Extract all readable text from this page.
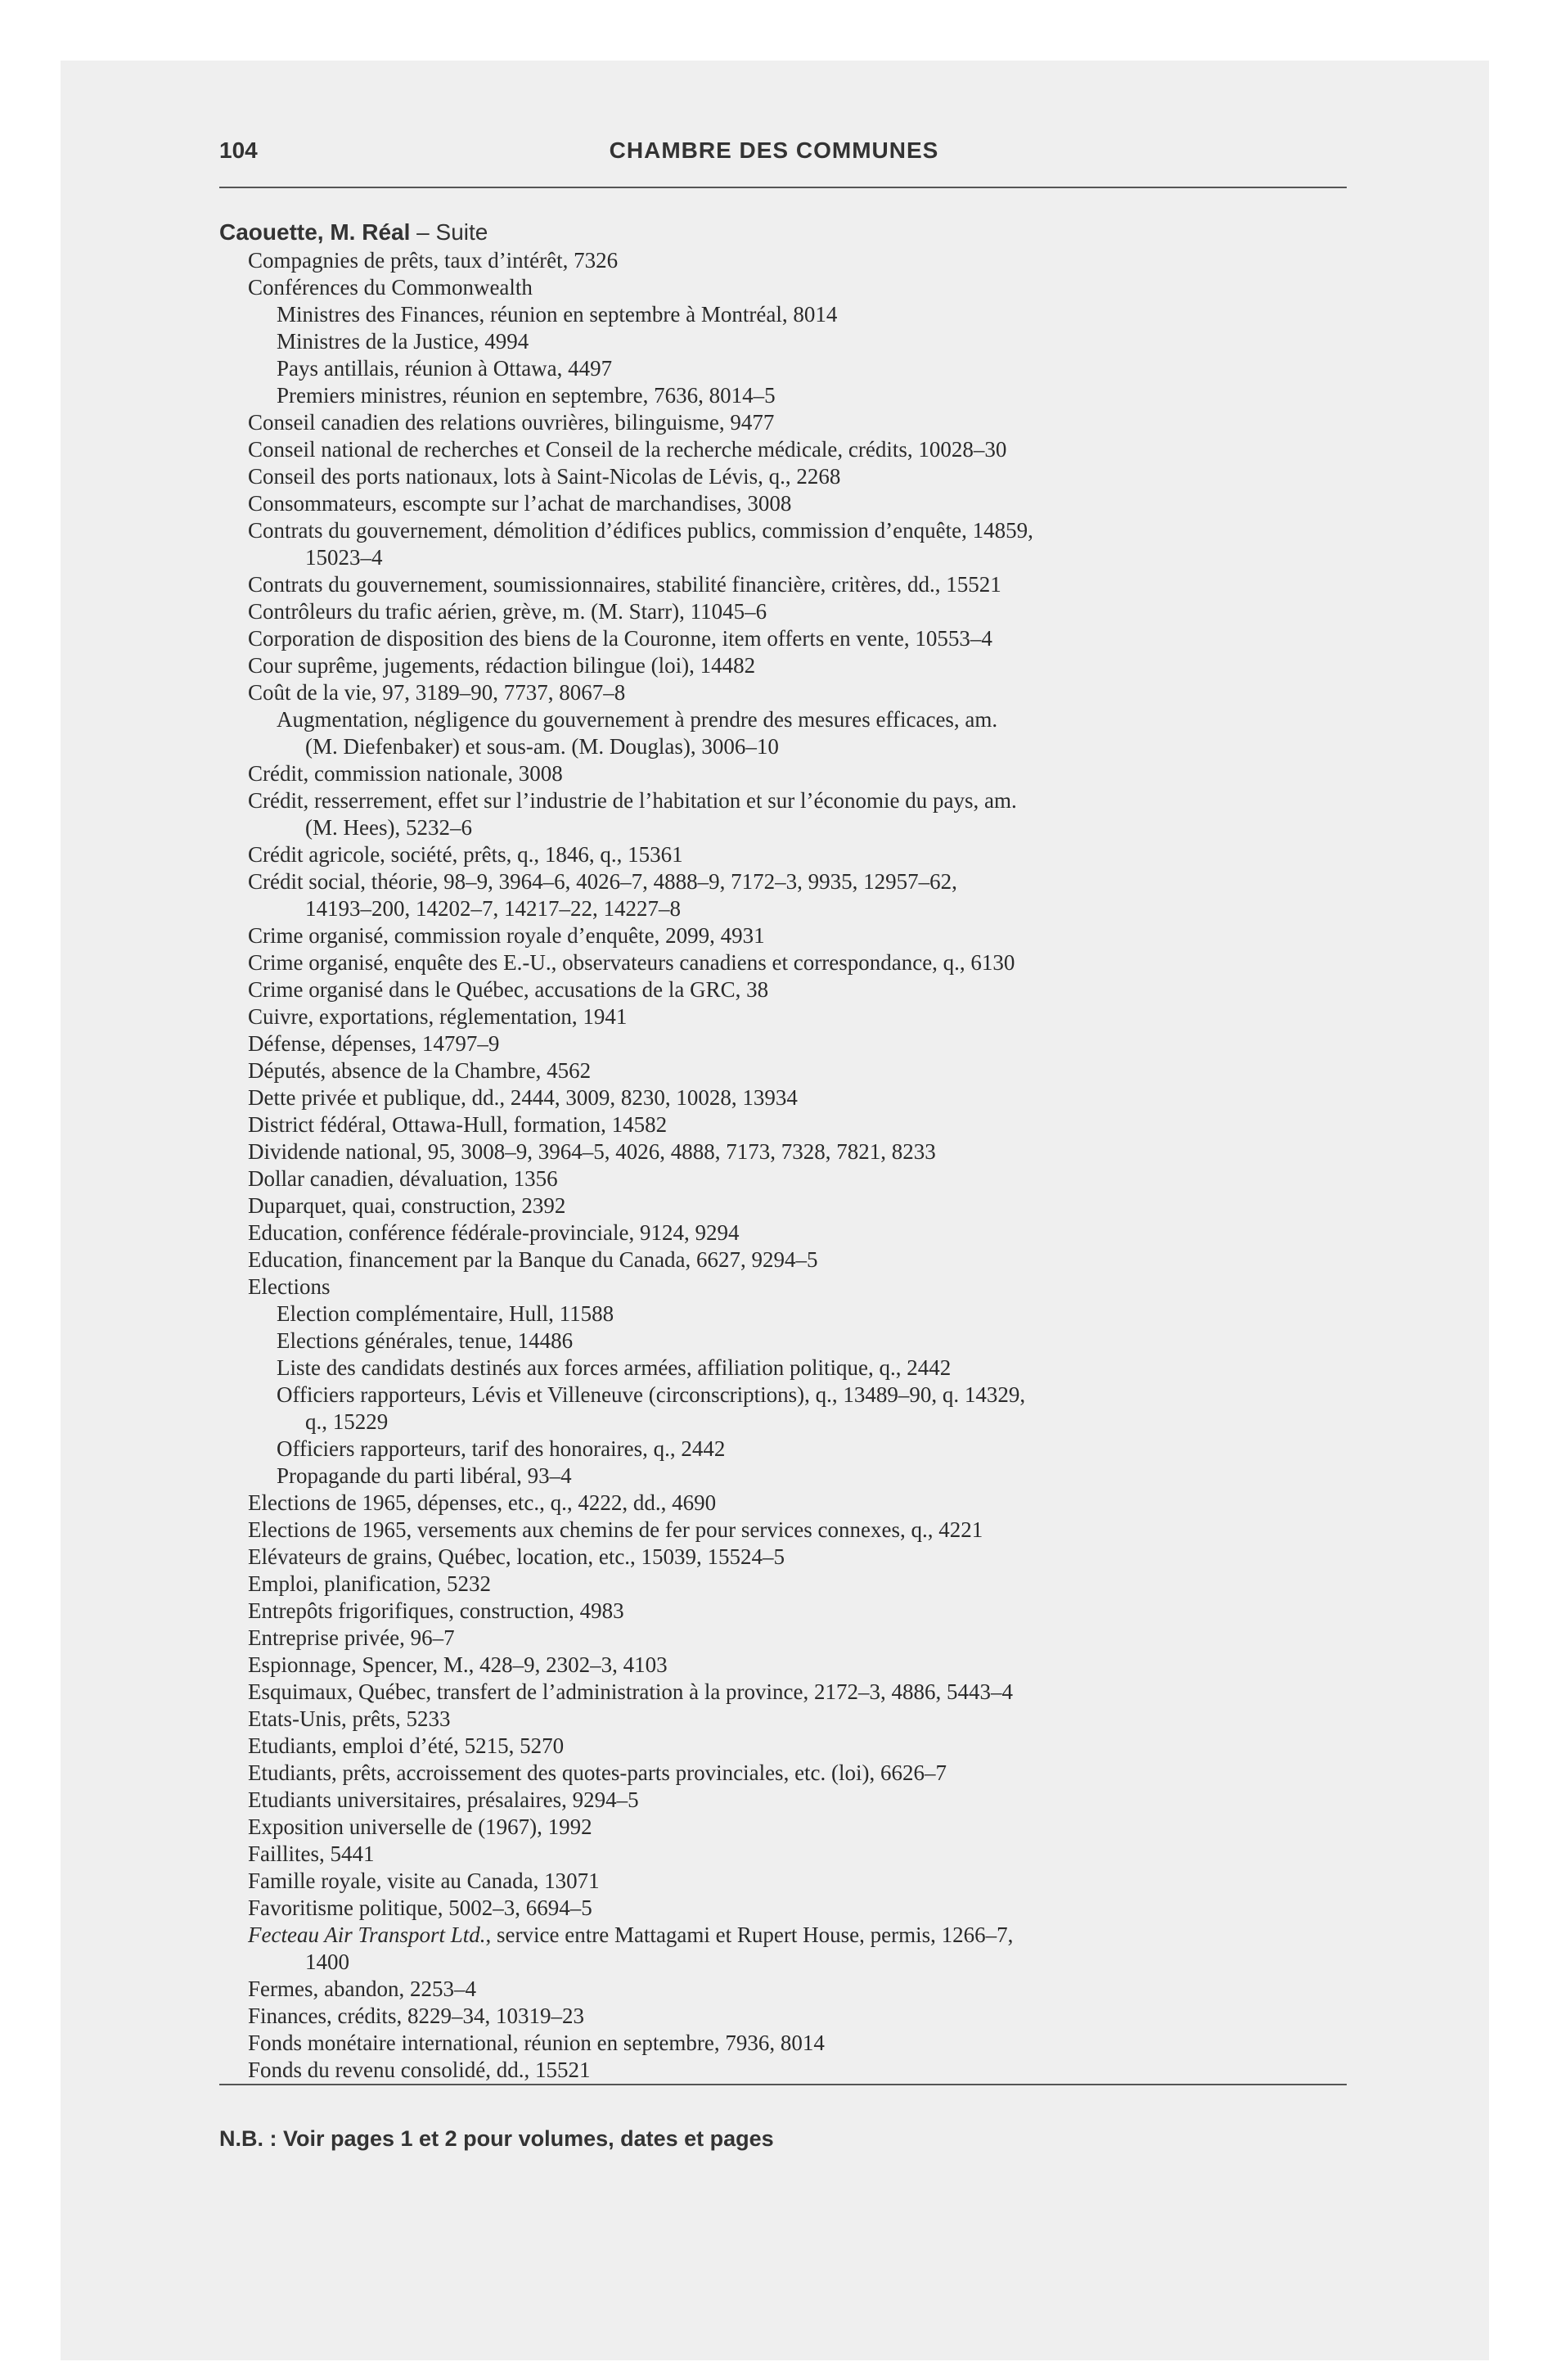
104	CHAMBRE DES COMMUNES
Caouette, M. Réal – Suite
Compagnies de prêts, taux d’intérêt, 7326
Conférences du Commonwealth
Ministres des Finances, réunion en septembre à Montréal, 8014
Ministres de la Justice, 4994
Pays antillais, réunion à Ottawa, 4497
Premiers ministres, réunion en septembre, 7636, 8014–5
Conseil canadien des relations ouvrières, bilinguisme, 9477
Conseil national de recherches et Conseil de la recherche médicale, crédits, 10028–30
Conseil des ports nationaux, lots à Saint-Nicolas de Lévis, q., 2268
Consommateurs, escompte sur l’achat de marchandises, 3008
Contrats du gouvernement, démolition d’édifices publics, commission d’enquête, 14859,
15023–4
Contrats du gouvernement, soumissionnaires, stabilité financière, critères, dd., 15521
Contrôleurs du trafic aérien, grève, m. (M. Starr), 11045–6
Corporation de disposition des biens de la Couronne, item offerts en vente, 10553–4
Cour suprême, jugements, rédaction bilingue (loi), 14482
Coût de la vie, 97, 3189–90, 7737, 8067–8
Augmentation, négligence du gouvernement à prendre des mesures efficaces, am.
(M. Diefenbaker) et sous-am. (M. Douglas), 3006–10
Crédit, commission nationale, 3008
Crédit, resserrement, effet sur l’industrie de l’habitation et sur l’économie du pays, am.
(M. Hees), 5232–6
Crédit agricole, société, prêts, q., 1846, q., 15361
Crédit social, théorie, 98–9, 3964–6, 4026–7, 4888–9, 7172–3, 9935, 12957–62,
14193–200, 14202–7, 14217–22, 14227–8
Crime organisé, commission royale d’enquête, 2099, 4931
Crime organisé, enquête des E.-U., observateurs canadiens et correspondance, q., 6130
Crime organisé dans le Québec, accusations de la GRC, 38
Cuivre, exportations, réglementation, 1941
Défense, dépenses, 14797–9
Députés, absence de la Chambre, 4562
Dette privée et publique, dd., 2444, 3009, 8230, 10028, 13934
District fédéral, Ottawa-Hull, formation, 14582
Dividende national, 95, 3008–9, 3964–5, 4026, 4888, 7173, 7328, 7821, 8233
Dollar canadien, dévaluation, 1356
Duparquet, quai, construction, 2392
Education, conférence fédérale-provinciale, 9124, 9294
Education, financement par la Banque du Canada, 6627, 9294–5
Elections
Election complémentaire, Hull, 11588
Elections générales, tenue, 14486
Liste des candidats destinés aux forces armées, affiliation politique, q., 2442
Officiers rapporteurs, Lévis et Villeneuve (circonscriptions), q., 13489–90, q. 14329,
q., 15229
Officiers rapporteurs, tarif des honoraires, q., 2442
Propagande du parti libéral, 93–4
Elections de 1965, dépenses, etc., q., 4222, dd., 4690
Elections de 1965, versements aux chemins de fer pour services connexes, q., 4221
Elévateurs de grains, Québec, location, etc., 15039, 15524–5
Emploi, planification, 5232
Entrepôts frigorifiques, construction, 4983
Entreprise privée, 96–7
Espionnage, Spencer, M., 428–9, 2302–3, 4103
Esquimaux, Québec, transfert de l’administration à la province, 2172–3, 4886, 5443–4
Etats-Unis, prêts, 5233
Etudiants, emploi d’été, 5215, 5270
Etudiants, prêts, accroissement des quotes-parts provinciales, etc. (loi), 6626–7
Etudiants universitaires, présalaires, 9294–5
Exposition universelle de (1967), 1992
Faillites, 5441
Famille royale, visite au Canada, 13071
Favoritisme politique, 5002–3, 6694–5
Fecteau Air Transport Ltd., service entre Mattagami et Rupert House, permis, 1266–7,
1400
Fermes, abandon, 2253–4
Finances, crédits, 8229–34, 10319–23
Fonds monétaire international, réunion en septembre, 7936, 8014
Fonds du revenu consolidé, dd., 15521
N.B. : Voir pages 1 et 2 pour volumes, dates et pages
